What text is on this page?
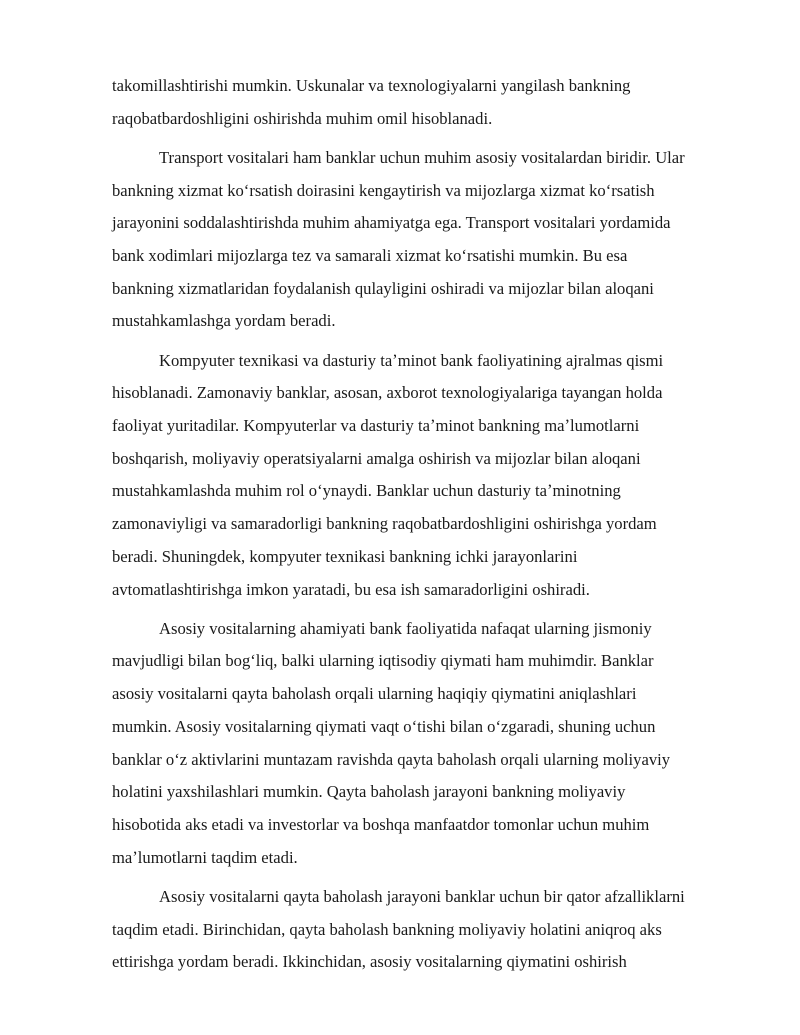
takomillashtirishi mumkin. Uskunalar va texnologiyalarni yangilash bankning
raqobatbardoshligini oshirishda muhim omil hisoblanadi.

Transport vositalari ham banklar uchun muhim asosiy vositalardan biridir. Ular
bankning xizmat koʻrsatish doirasini kengaytirish va mijozlarga xizmat koʻrsatish
jarayonini soddalashtirishda muhim ahamiyatga ega. Transport vositalari yordamida
bank xodimlari mijozlarga tez va samarali xizmat koʻrsatishi mumkin. Bu esa
bankning xizmatlaridan foydalanish qulayligini oshiradi va mijozlar bilan aloqani
mustahkamlashga yordam beradi.

Kompyuter texnikasi va dasturiy taʼminot bank faoliyatining ajralmas qismi
hisoblanadi. Zamonaviy banklar, asosan, axborot texnologiyalariga tayangan holda
faoliyat yuritadilar. Kompyuterlar va dasturiy taʼminot bankning maʼlumotlarni
boshqarish, moliyaviy operatsiyalarni amalga oshirish va mijozlar bilan aloqani
mustahkamlashda muhim rol oʻynaydi. Banklar uchun dasturiy taʼminotning
zamonaviyligi va samaradorligi bankning raqobatbardoshligini oshirishga yordam
beradi. Shuningdek, kompyuter texnikasi bankning ichki jarayonlarini
avtomatlashtirishga imkon yaratadi, bu esa ish samaradorligini oshiradi.

Asosiy vositalarning ahamiyati bank faoliyatida nafaqat ularning jismoniy
mavjudligi bilan bogʻliq, balki ularning iqtisodiy qiymati ham muhimdir. Banklar
asosiy vositalarni qayta baholash orqali ularning haqiqiy qiymatini aniqlashlari
mumkin. Asosiy vositalarning qiymati vaqt oʻtishi bilan oʻzgaradi, shuning uchun
banklar oʻz aktivlarini muntazam ravishda qayta baholash orqali ularning moliyaviy
holatini yaxshilashlari mumkin. Qayta baholash jarayoni bankning moliyaviy
hisobotida aks etadi va investorlar va boshqa manfaatdor tomonlar uchun muhim
maʼlumotlarni taqdim etadi.

Asosiy vositalarni qayta baholash jarayoni banklar uchun bir qator afzalliklarni
taqdim etadi. Birinchidan, qayta baholash bankning moliyaviy holatini aniqroq aks
ettirishga yordam beradi. Ikkinchidan, asosiy vositalarning qiymatini oshirish
